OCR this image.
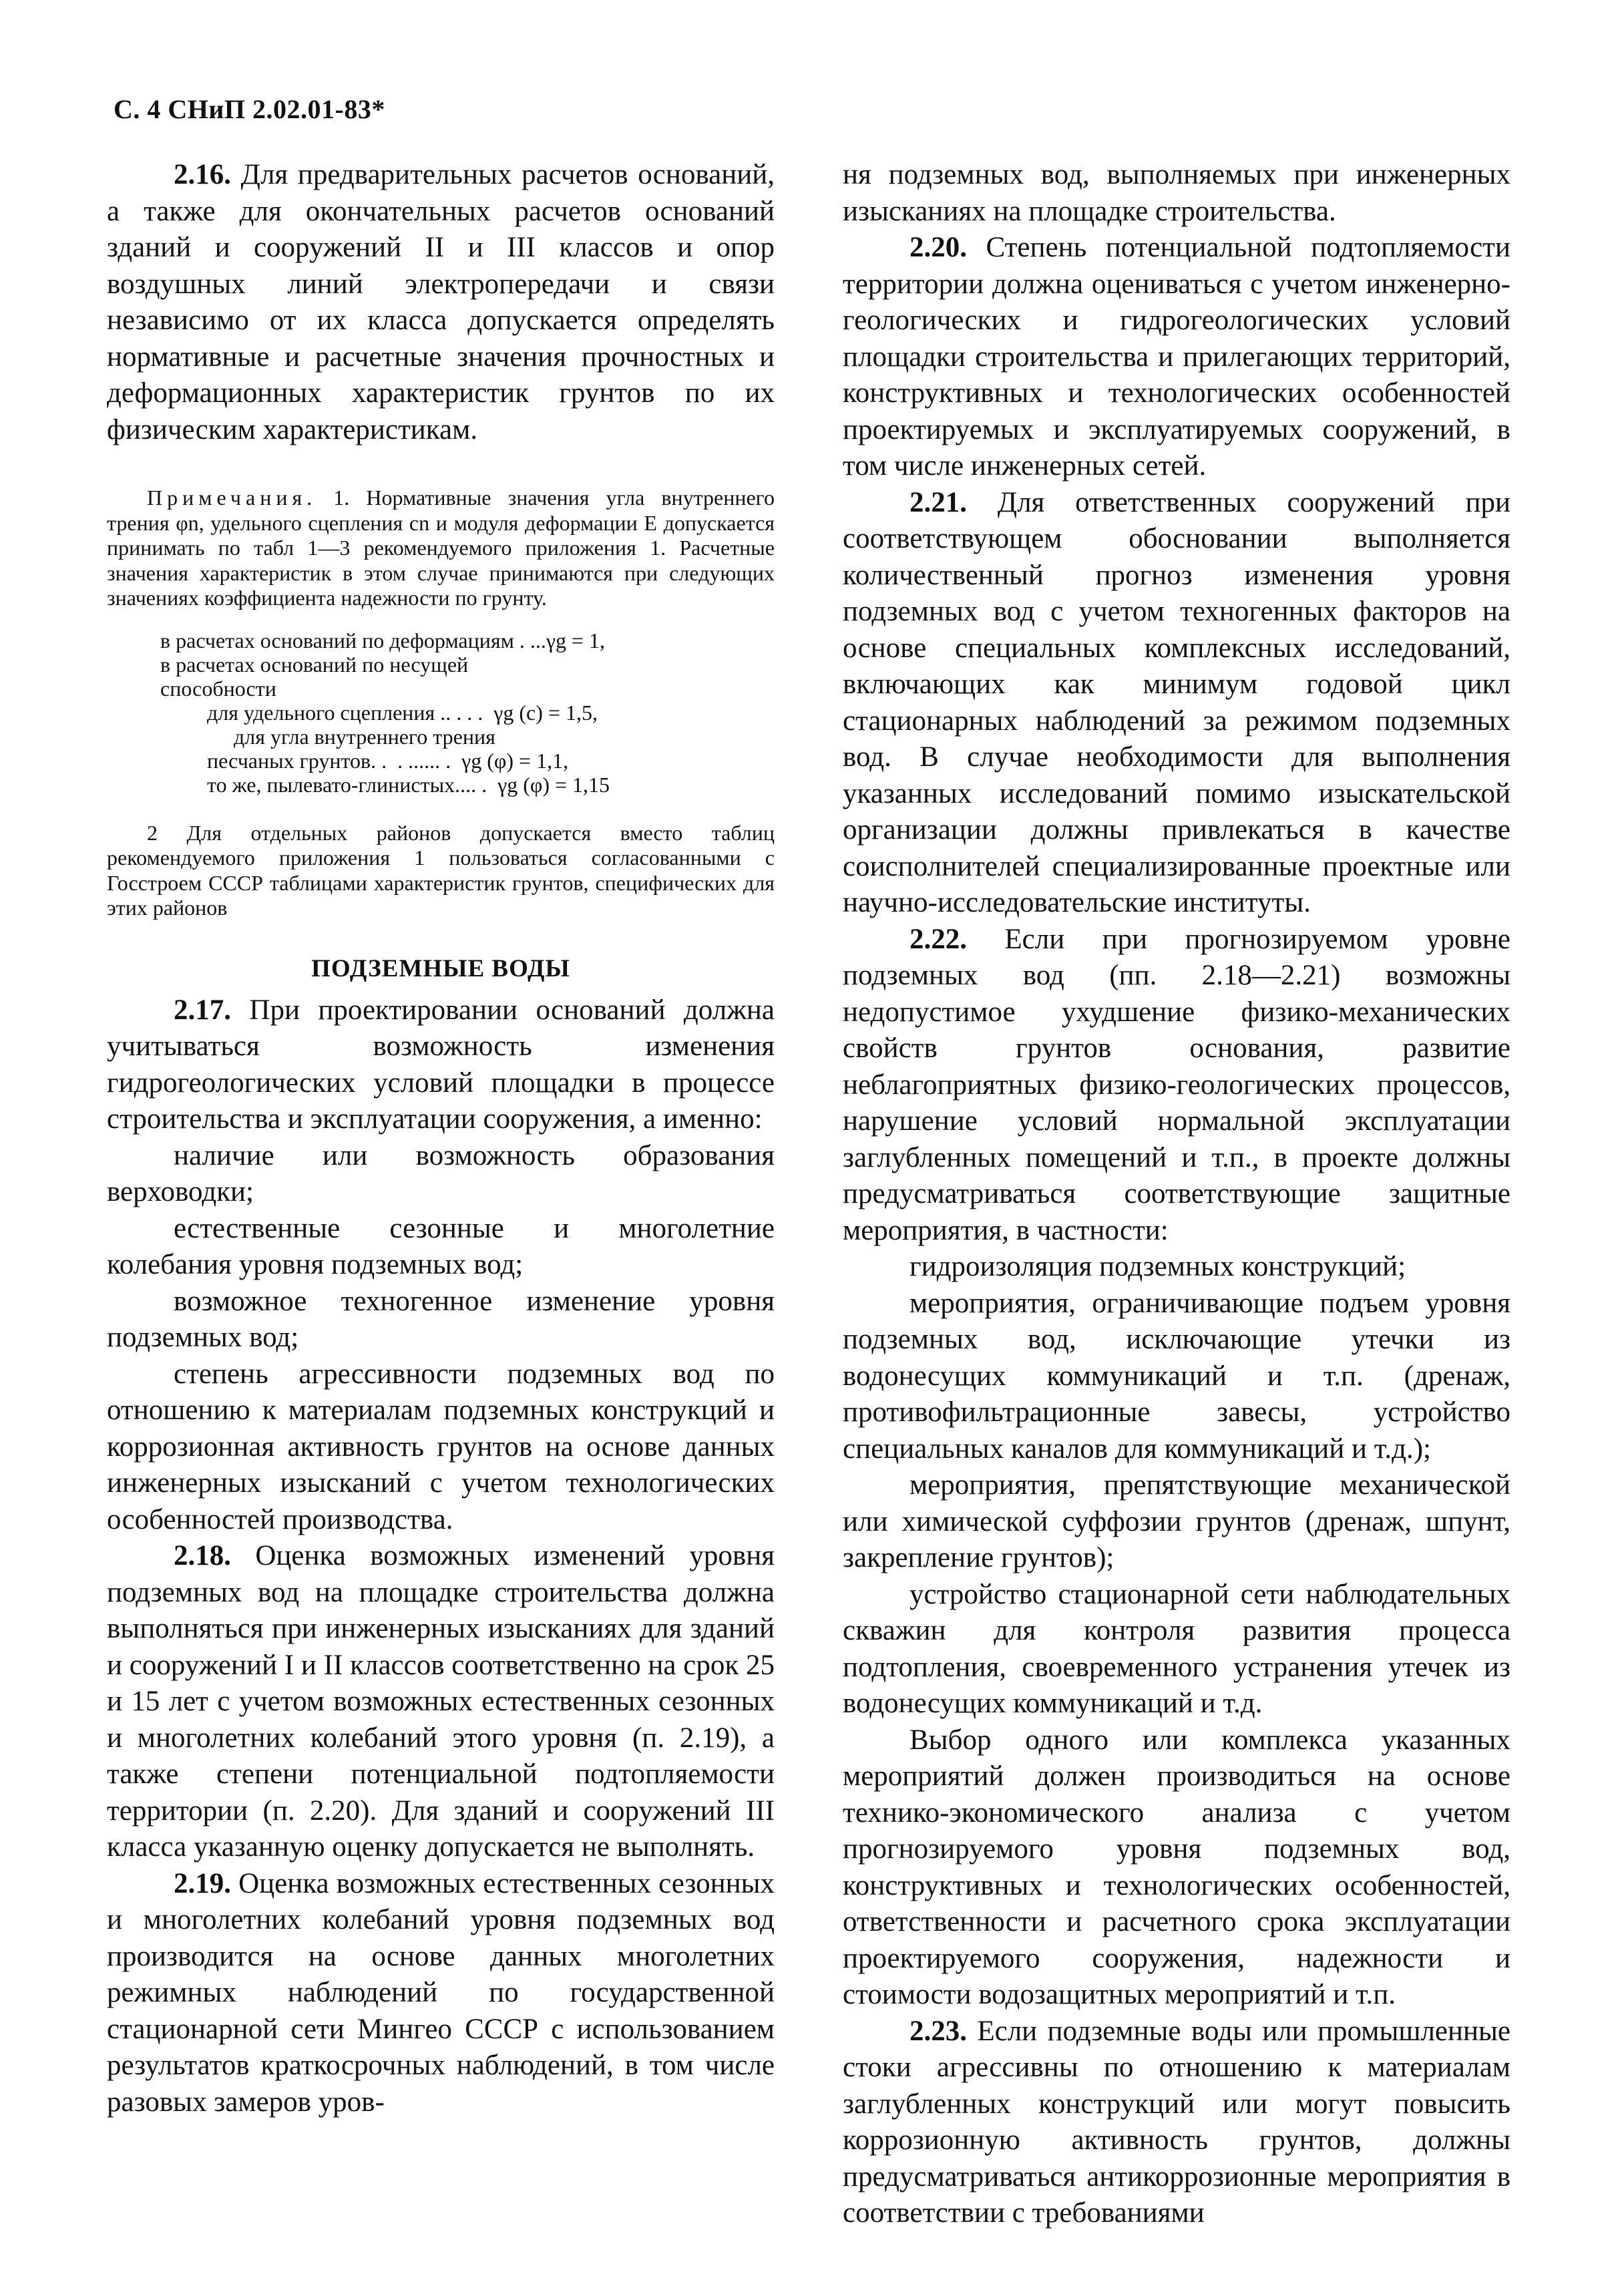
С. 4 СНиП 2.02.01-83*

2.16. Для предварительных расчетов оснований, а также для окончательных расчетов оснований зданий и сооружений II и III классов и опор воздушных линий электропередачи и связи независимо от их класса допускается определять нормативные и расчетные значения прочностных и деформационных характеристик грунтов по их физическим характеристикам.

Примечания. 1. Нормативные значения угла внутреннего трения φn, удельного сцепления cn и модуля деформации E допускается принимать по табл 1—3 рекомендуемого приложения 1. Расчетные значения характеристик в этом случае принимаются при следующих значениях коэффициента надежности по грунту.

в расчетах оснований по деформациям . ...γg = 1,
в расчетах оснований по несущей
способности
для удельного сцепления .. . . .  γg (c) = 1,5,
для угла внутреннего трения
песчаных грунтов. .  . ...... .  γg (φ) = 1,1,
то же, пылевато-глинистых.... .  γg (φ) = 1,15

2 Для отдельных районов допускается вместо таблиц рекомендуемого приложения 1 пользоваться согласованными с Госстроем СССР таблицами характеристик грунтов, специфических для этих районов

ПОДЗЕМНЫЕ ВОДЫ

2.17. При проектировании оснований должна учитываться возможность изменения гидрогеологических условий площадки в процессе строительства и эксплуатации сооружения, а именно:

наличие или возможность образования верховодки;

естественные сезонные и многолетние колебания уровня подземных вод;

возможное техногенное изменение уровня подземных вод;

степень агрессивности подземных вод по отношению к материалам подземных конструкций и коррозионная активность грунтов на основе данных инженерных изысканий с учетом технологических особенностей производства.

2.18. Оценка возможных изменений уровня подземных вод на площадке строительства должна выполняться при инженерных изысканиях для зданий и сооружений I и II классов соответственно на срок 25 и 15 лет с учетом возможных естественных сезонных и многолетних колебаний этого уровня (п. 2.19), а также степени потенциальной подтопляемости территории (п. 2.20). Для зданий и сооружений III класса указанную оценку допускается не выполнять.

2.19. Оценка возможных естественных сезонных и многолетних колебаний уровня подземных вод производится на основе данных многолетних режимных наблюдений по государственной стационарной сети Мингео СССР с использованием результатов краткосрочных наблюдений, в том числе разовых замеров уров-

ня подземных вод, выполняемых при инженерных изысканиях на площадке строительства.

2.20. Степень потенциальной подтопляемости территории должна оцениваться с учетом инженерно-геологических и гидрогеологических условий площадки строительства и прилегающих территорий, конструктивных и технологических особенностей проектируемых и эксплуатируемых сооружений, в том числе инженерных сетей.

2.21. Для ответственных сооружений при соответствующем обосновании выполняется количественный прогноз изменения уровня подземных вод с учетом техногенных факторов на основе специальных комплексных исследований, включающих как минимум годовой цикл стационарных наблюдений за режимом подземных вод. В случае необходимости для выполнения указанных исследований помимо изыскательской организации должны привлекаться в качестве соисполнителей специализированные проектные или научно-исследовательские институты.

2.22. Если при прогнозируемом уровне подземных вод (пп. 2.18—2.21) возможны недопустимое ухудшение физико-механических свойств грунтов основания, развитие неблагоприятных физико-геологических процессов, нарушение условий нормальной эксплуатации заглубленных помещений и т.п., в проекте должны предусматриваться соответствующие защитные мероприятия, в частности:

гидроизоляция подземных конструкций;

мероприятия, ограничивающие подъем уровня подземных вод, исключающие утечки из водонесущих коммуникаций и т.п. (дренаж, противофильтрационные завесы, устройство специальных каналов для коммуникаций и т.д.);

мероприятия, препятствующие механической или химической суффозии грунтов (дренаж, шпунт, закрепление грунтов);

устройство стационарной сети наблюдательных скважин для контроля развития процесса подтопления, своевременного устранения утечек из водонесущих коммуникаций и т.д.

Выбор одного или комплекса указанных мероприятий должен производиться на основе технико-экономического анализа с учетом прогнозируемого уровня подземных вод, конструктивных и технологических особенностей, ответственности и расчетного срока эксплуатации проектируемого сооружения, надежности и стоимости водозащитных мероприятий и т.п.

2.23. Если подземные воды или промышленные стоки агрессивны по отношению к материалам заглубленных конструкций или могут повысить коррозионную активность грунтов, должны предусматриваться антикоррозионные мероприятия в соответствии с требованиями
